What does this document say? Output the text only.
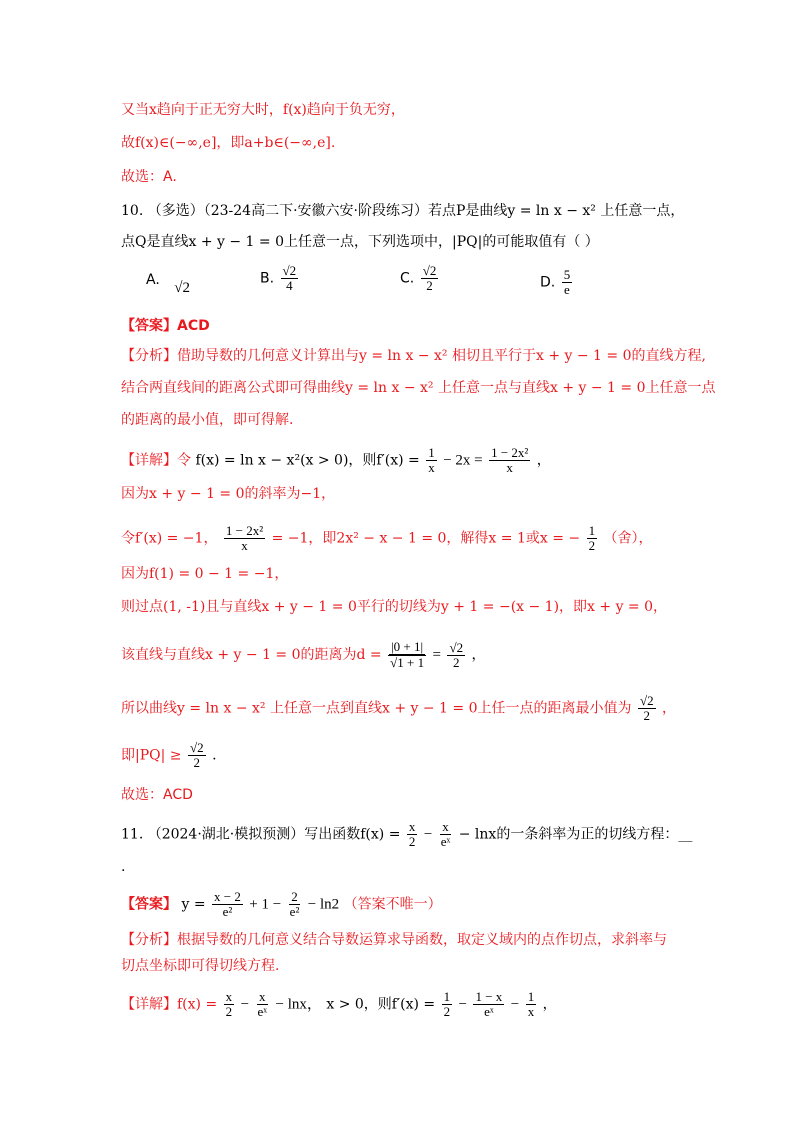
又当x趋向于正无穷大时，f(x)趋向于负无穷，
故f(x)∈(−∞,e]，即a+b∈(−∞,e].
故选：A.
10. （多选）（23-24高二下·安徽六安·阶段练习）若点P是曲线y = ln x − x² 上任意一点，
点Q是直线x + y − 1 = 0上任意一点，下列选项中，|PQ|的可能取值有（ ）
A. √2
B. $\frac{√2}{4}$	C. $\frac{√2}{2}$	D. $\frac{5}{e}$
【答案】ACD
【分析】借助导数的几何意义计算出与y = ln x − x² 相切且平行于x + y − 1 = 0的直线方程,
结合两直线间的距离公式即可得曲线y = ln x − x² 上任意一点与直线x + y − 1 = 0上任意一点
的距离的最小值，即可得解.
【详解】令 f(x) = ln x − x²(x > 0)，则$f'(x) = \frac{1}{x} - 2x = \frac{\text{1 − 2x²}}{x}$ ，
因为x + y − 1 = 0的斜率为−1，
令f′(x) = −1， $\frac{\text{1 − 2x²}}{x} = -1$，即2x² − x − 1 = 0，解得x = 1或x = − $\frac{1}{2}$ （舍），
因为f(1) = 0 − 1 = −1，
则过点(1, -1)且与直线x + y − 1 = 0平行的切线为y + 1 = −(x − 1)，即x + y = 0，
该直线与直线x + y − 1 = 0的距离为$d = \frac{|0 + 1|}{√1 + 1} = \frac{√2}{2}$ ，
所以曲线y = ln x − x² 上任意一点到直线x + y − 1 = 0上任一点的距离最小值为 $\frac{√2}{2}$ ，
即$|PQ| \ge \frac{√2}{2}$ .
故选：ACD
11. （2024·湖北·模拟预测）写出函数$f(x) = \frac{x}{2} - \frac{x}{\text{eˣ}} - \ln x$的一条斜率为正的切线方程：__
.
【答案】 $y = \frac{x - 2}{\text{e²}} + 1 - \frac{2}{\text{e²}} - \ln 2$ （答案不唯一）
【分析】根据导数的几何意义结合导数运算求导函数，取定义域内的点作切点，求斜率与
切点坐标即可得切线方程.
【详解】$f(x) = \frac{x}{2} - \frac{x}{\text{eˣ}} - \ln x$， x > 0，则$f'(x) = \frac{1}{2} - \frac{1 - x}{\text{eˣ}} - \frac{1}{x}$ ，
